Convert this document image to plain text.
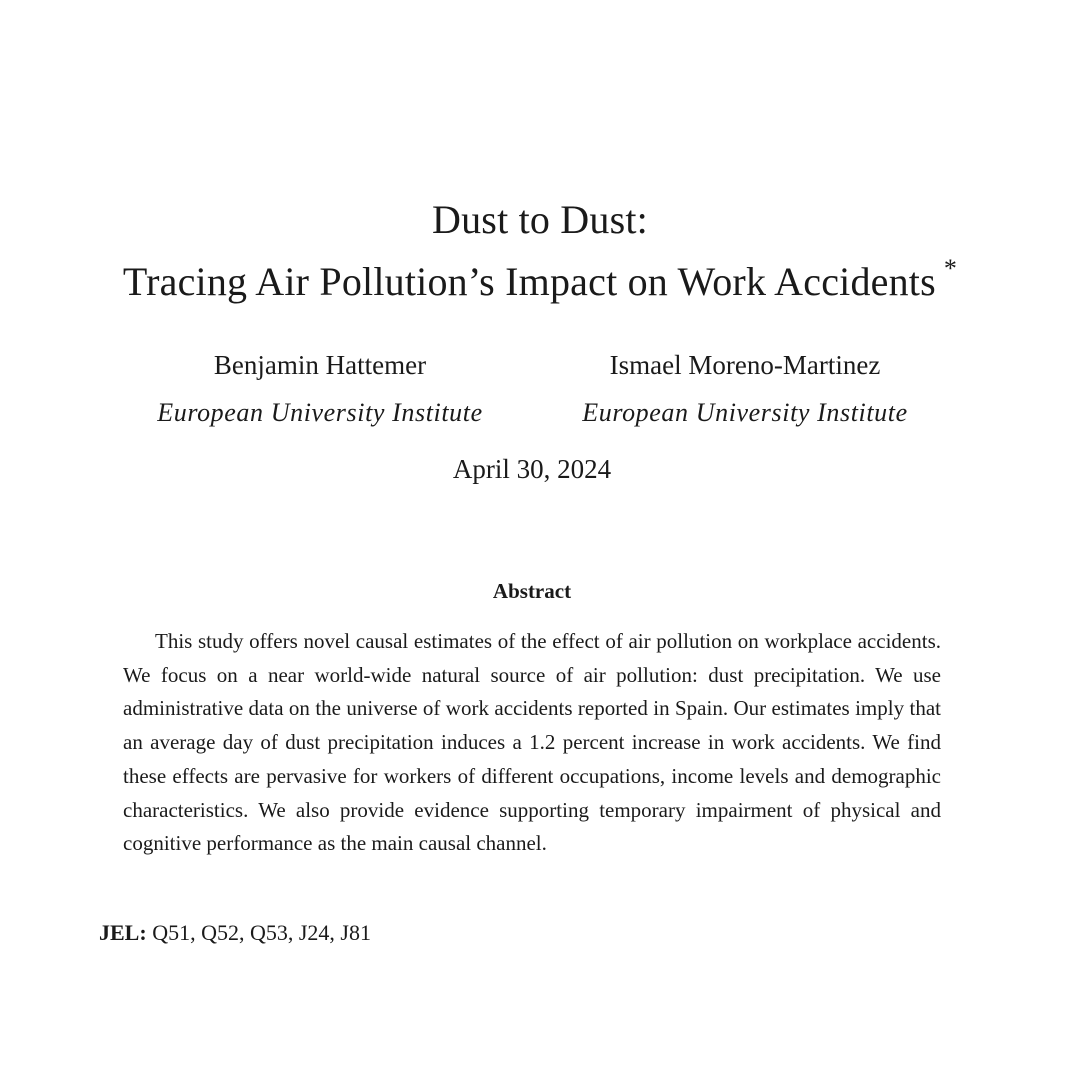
Dust to Dust:
Tracing Air Pollution’s Impact on Work Accidents *
Benjamin Hattemer
European University Institute
Ismael Moreno-Martinez
European University Institute
April 30, 2024
Abstract

This study offers novel causal estimates of the effect of air pollution on workplace accidents. We focus on a near world-wide natural source of air pollution: dust precipitation. We use administrative data on the universe of work accidents reported in Spain. Our estimates imply that an average day of dust precipitation induces a 1.2 percent increase in work accidents. We find these effects are pervasive for workers of different occupations, income levels and demographic characteristics. We also provide evidence supporting temporary impairment of physical and cognitive performance as the main causal channel.

JEL: Q51, Q52, Q53, J24, J81
